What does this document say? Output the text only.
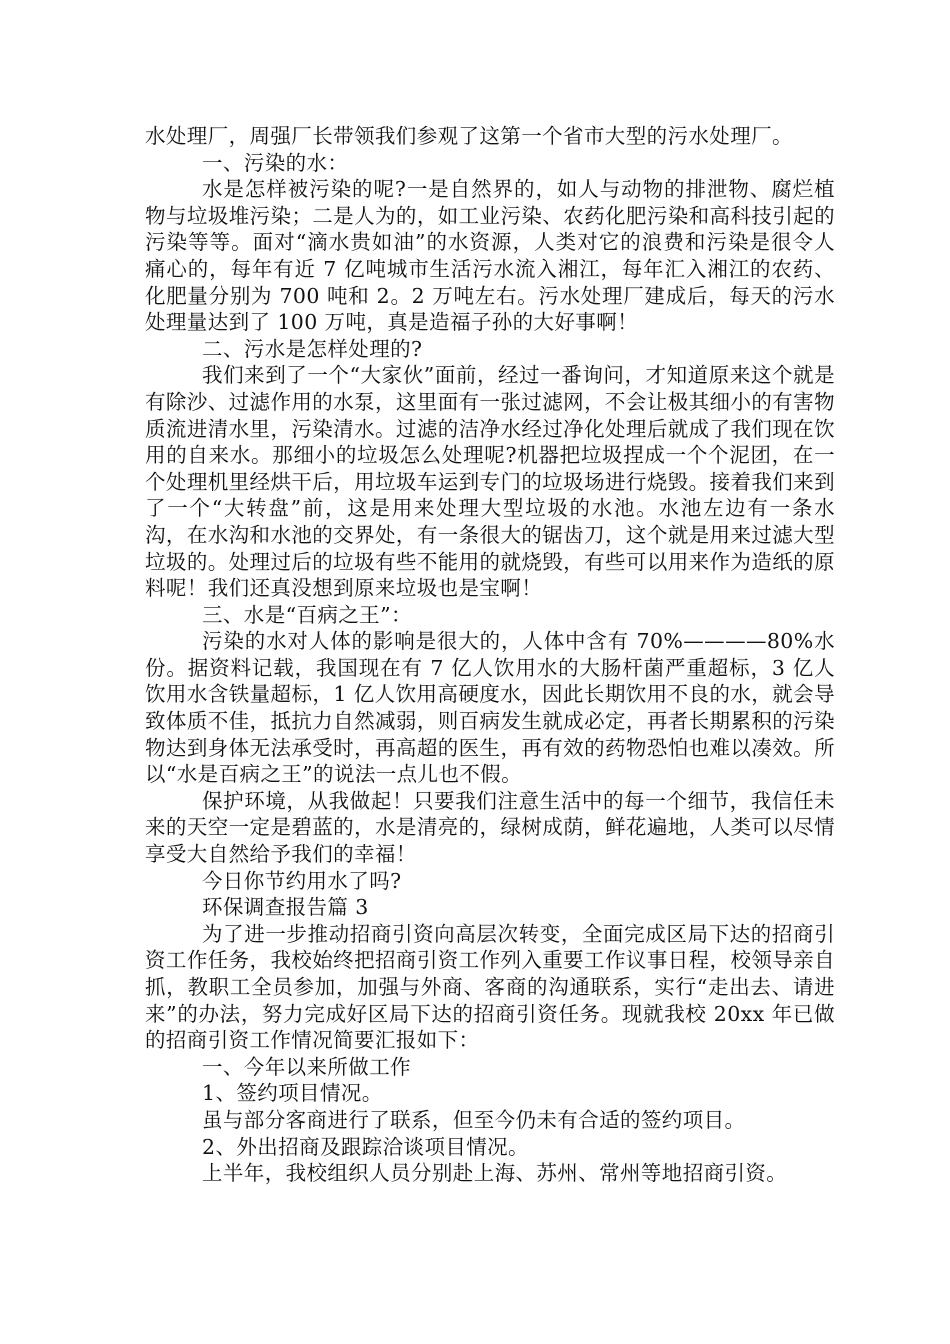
水处理厂，周强厂长带领我们参观了这第一个省市大型的污水处理厂。

一、污染的水：

水是怎样被污染的呢?一是自然界的，如人与动物的排泄物、腐烂植物与垃圾堆污染；二是人为的，如工业污染、农药化肥污染和高科技引起的污染等等。面对“滴水贵如油”的水资源，人类对它的浪费和污染是很令人痛心的，每年有近 7 亿吨城市生活污水流入湘江，每年汇入湘江的农药、化肥量分别为 700 吨和 2。2 万吨左右。污水处理厂建成后，每天的污水处理量达到了 100 万吨，真是造福子孙的大好事啊！

二、污水是怎样处理的?

我们来到了一个“大家伙”面前，经过一番询问，才知道原来这个就是有除沙、过滤作用的水泵，这里面有一张过滤网，不会让极其细小的有害物质流进清水里，污染清水。过滤的洁净水经过净化处理后就成了我们现在饮用的自来水。那细小的垃圾怎么处理呢?机器把垃圾捏成一个个泥团，在一个处理机里经烘干后，用垃圾车运到专门的垃圾场进行烧毁。接着我们来到了一个“大转盘”前，这是用来处理大型垃圾的水池。水池左边有一条水沟，在水沟和水池的交界处，有一条很大的锯齿刀，这个就是用来过滤大型垃圾的。处理过后的垃圾有些不能用的就烧毁，有些可以用来作为造纸的原料呢！我们还真没想到原来垃圾也是宝啊！

三、水是“百病之王”：

污染的水对人体的影响是很大的，人体中含有 70%————80%水份。据资料记载，我国现在有 7 亿人饮用水的大肠杆菌严重超标，3 亿人饮用水含铁量超标，1 亿人饮用高硬度水，因此长期饮用不良的水，就会导致体质不佳，抵抗力自然减弱，则百病发生就成必定，再者长期累积的污染物达到身体无法承受时，再高超的医生，再有效的药物恐怕也难以凑效。所以“水是百病之王”的说法一点儿也不假。

保护环境，从我做起！只要我们注意生活中的每一个细节，我信任未来的天空一定是碧蓝的，水是清亮的，绿树成荫，鲜花遍地，人类可以尽情享受大自然给予我们的幸福！

今日你节约用水了吗?

环保调查报告篇 3

为了进一步推动招商引资向高层次转变，全面完成区局下达的招商引资工作任务，我校始终把招商引资工作列入重要工作议事日程，校领导亲自抓，教职工全员参加，加强与外商、客商的沟通联系，实行“走出去、请进来”的办法，努力完成好区局下达的招商引资任务。现就我校 20xx 年已做的招商引资工作情况简要汇报如下：

一、今年以来所做工作

1、签约项目情况。

虽与部分客商进行了联系，但至今仍未有合适的签约项目。

2、外出招商及跟踪洽谈项目情况。

上半年，我校组织人员分别赴上海、苏州、常州等地招商引资。
